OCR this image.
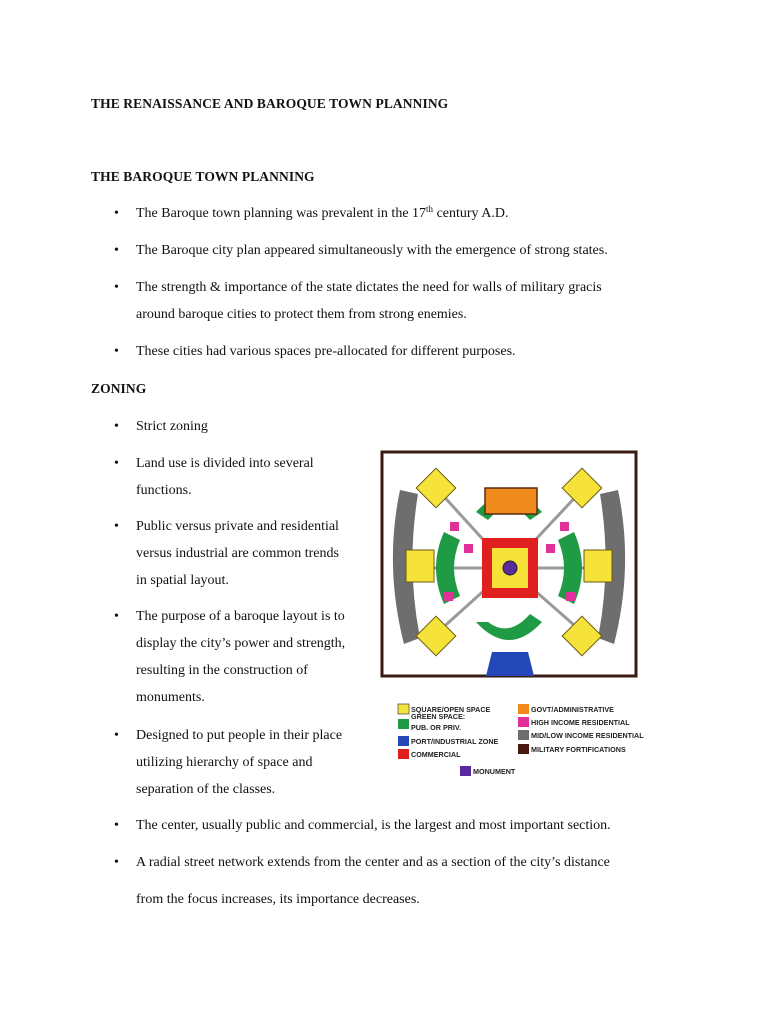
THE RENAISSANCE AND BAROQUE TOWN PLANNING
THE BAROQUE TOWN PLANNING
• The Baroque town planning was prevalent in the 17th century A.D.
• The Baroque city plan appeared simultaneously with the emergence of strong states.
• The strength & importance of the state dictates the need for walls of military gracis
around baroque cities to protect them from strong enemies.
• These cities had various spaces pre-allocated for different purposes.
ZONING
• Strict zoning
• Land use is divided into several
functions.
• Public versus private and residential
versus industrial are common trends
in spatial layout.
• The purpose of a baroque layout is to
display the city’s power and strength,
resulting in the construction of
monuments.
• Designed to put people in their place
utilizing hierarchy of space and
separation of the classes.
• The center, usually public and commercial, is the largest and most important section.
• A radial street network extends from the center and as a section of the city’s distance
from the focus increases, its importance decreases.
SQUARE/OPEN SPACE
GREEN SPACE:
PUB. OR PRIV.
PORT/INDUSTRIAL ZONE
COMMERCIAL
GOVT/ADMINISTRATIVE
HIGH INCOME RESIDENTIAL
MID/LOW INCOME RESIDENTIAL
MILITARY FORTIFICATIONS
MONUMENT
